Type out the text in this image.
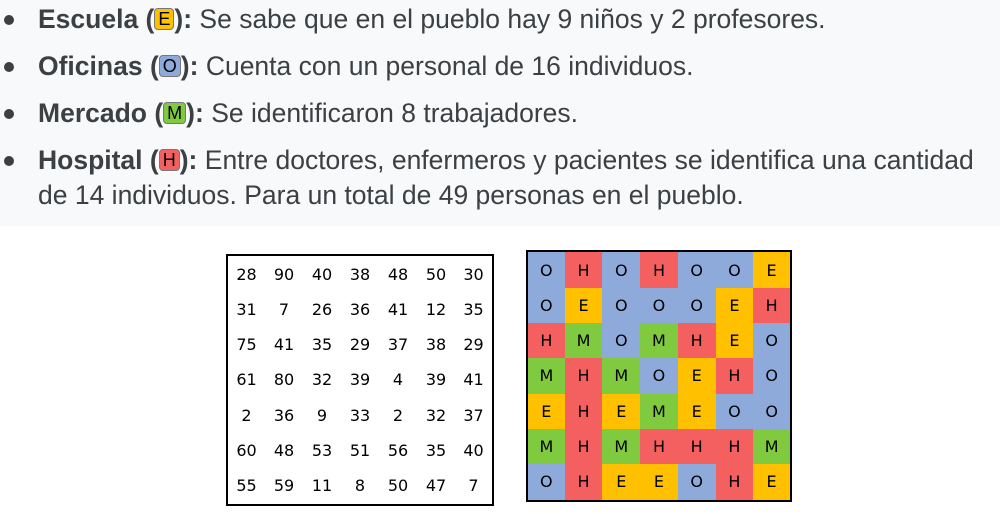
Escuela ( E ): Se sabe que en el pueblo hay 9 niños y 2 profesores.
Oficinas ( O ): Cuenta con un personal de 16 individuos.
Mercado ( M ): Se identificaron 8 trabajadores.
Hospital ( H ): Entre doctores, enfermeros y pacientes se identifica una cantidad de 14 individuos. Para un total de 49 personas en el pueblo.
28	90	40	38	48	50	30
31	7	26	36	41	12	35
75	41	35	29	37	38	29
61	80	32	39	4	39	41
2	36	9	33	2	32	37
60	48	53	51	56	35	40
55	59	11	8	50	47	7
O	H	O	H	O	O	E
O	E	O	O	O	E	H
H	M	O	M	H	E	O
M	H	M	O	E	H	O
E	H	E	M	E	O	O
M	H	M	H	H	H	M
O	H	E	E	O	H	E
